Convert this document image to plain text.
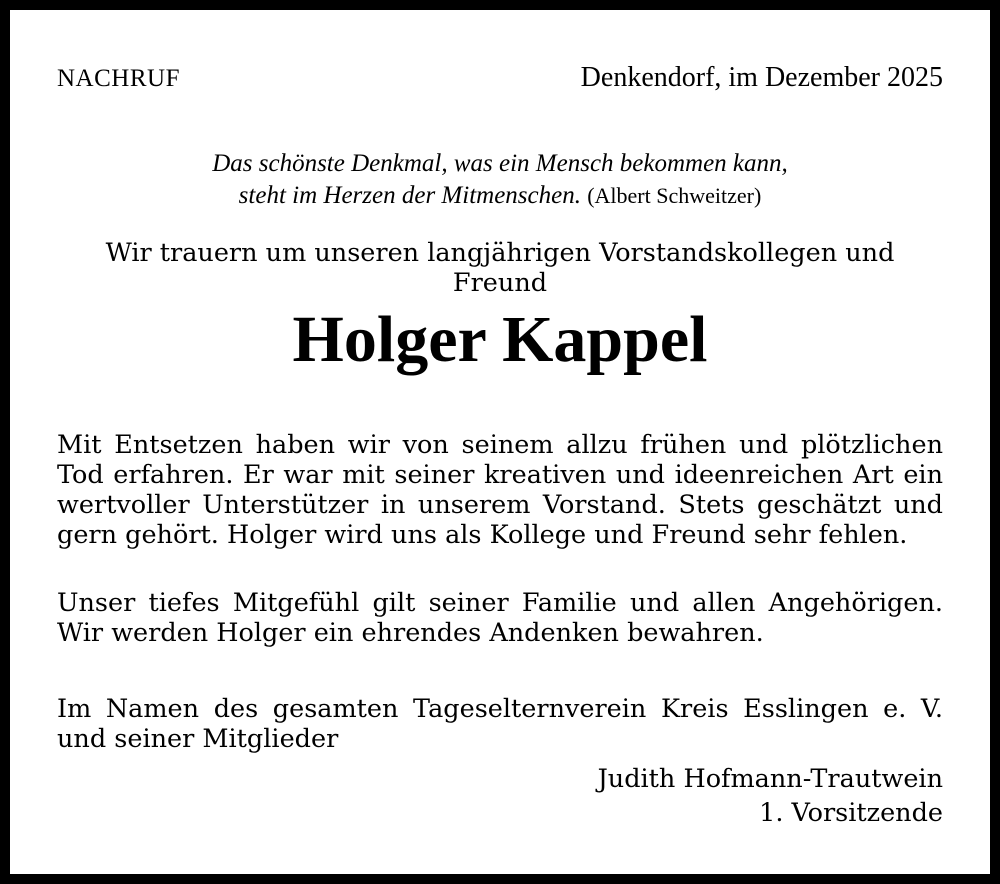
NACHRUF	Denkendorf, im Dezember 2025
Das schönste Denkmal, was ein Mensch bekommen kann,
steht im Herzen der Mitmenschen. (Albert Schweitzer)
Wir trauern um unseren langjährigen Vorstandskollegen und Freund
Holger Kappel
Mit Entsetzen haben wir von seinem allzu frühen und plötzlichen Tod erfahren. Er war mit seiner kreativen und ideenreichen Art ein wertvoller Unterstützer in unserem Vorstand. Stets geschätzt und gern gehört. Holger wird uns als Kollege und Freund sehr fehlen.
Unser tiefes Mitgefühl gilt seiner Familie und allen Angehörigen. Wir werden Holger ein ehrendes Andenken bewahren.
Im Namen des gesamten Tageselternverein Kreis Esslingen e. V. und seiner Mitglieder
Judith Hofmann-Trautwein
1. Vorsitzende
